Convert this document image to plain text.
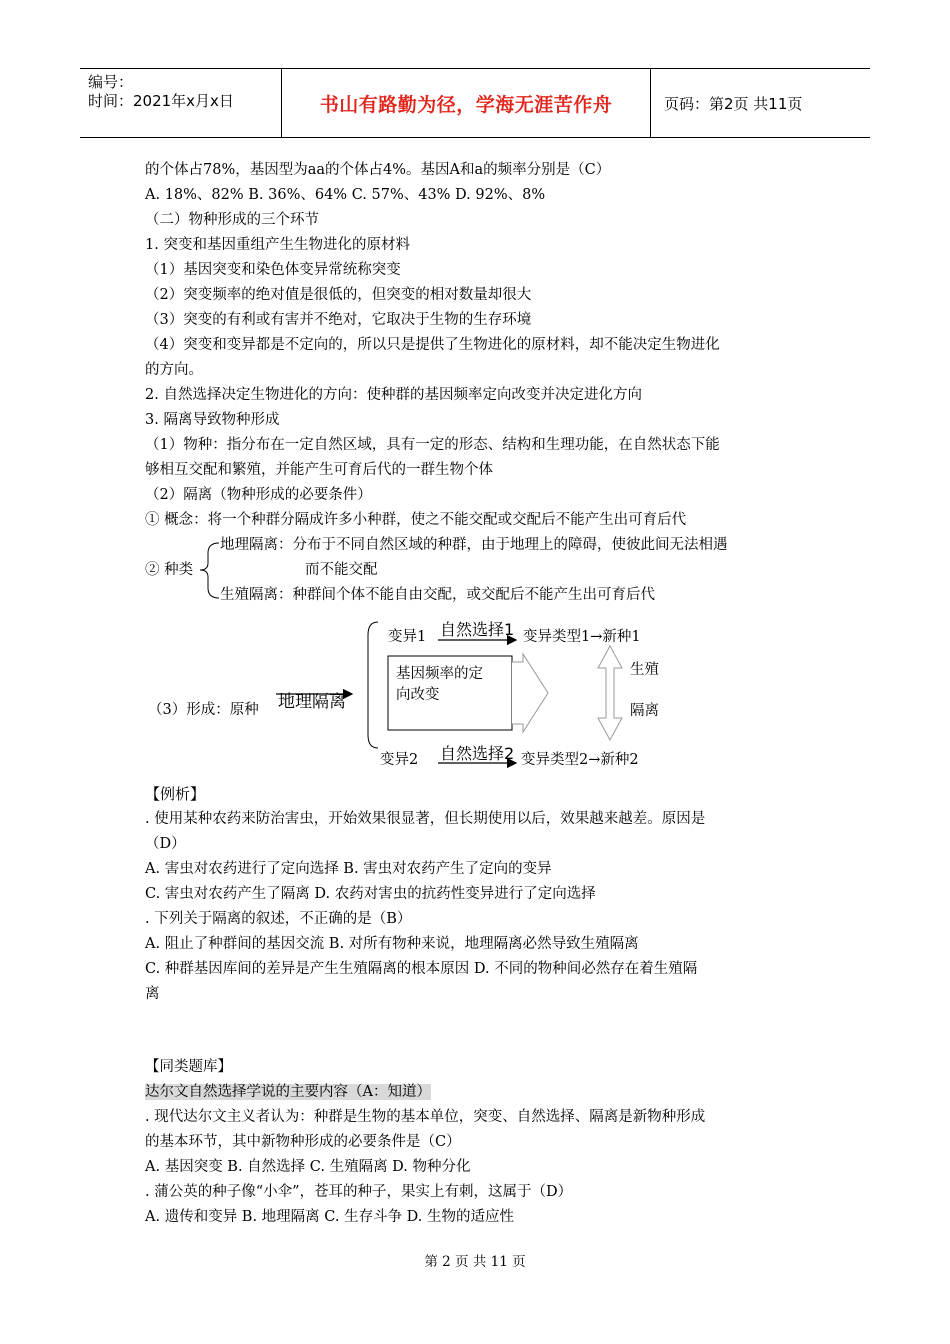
编号：
时间：2021年x月x日	书山有路勤为径，学海无涯苦作舟	页码：第2页 共11页
的个体占78%，基因型为aa的个体占4%。基因A和a的频率分别是（C）
A. 18%、82% B. 36%、64% C. 57%、43% D. 92%、8%
（二）物种形成的三个环节
1. 突变和基因重组产生生物进化的原材料
（1）基因突变和染色体变异常统称突变
（2）突变频率的绝对值是很低的，但突变的相对数量却很大
（3）突变的有利或有害并不绝对，它取决于生物的生存环境
（4）突变和变异都是不定向的，所以只是提供了生物进化的原材料，却不能决定生物进化
的方向。
2. 自然选择决定生物进化的方向：使种群的基因频率定向改变并决定进化方向
3. 隔离导致物种形成
（1）物种：指分布在一定自然区域，具有一定的形态、结构和生理功能，在自然状态下能
够相互交配和繁殖，并能产生可育后代的一群生物个体
（2）隔离（物种形成的必要条件）
① 概念：将一个种群分隔成许多小种群，使之不能交配或交配后不能产生出可育后代
② 种类
地理隔离：分布于不同自然区域的种群，由于地理上的障碍，使彼此间无法相遇
而不能交配
生殖隔离：种群间个体不能自由交配，或交配后不能产生出可育后代
（3）形成：原种 地理隔离
变异1 自然选择1 变异类型1→新种1
基因频率的定
向改变
生殖
隔离
变异2 自然选择2 变异类型2→新种2
【例析】
. 使用某种农药来防治害虫，开始效果很显著，但长期使用以后，效果越来越差。原因是
（D）
A. 害虫对农药进行了定向选择 B. 害虫对农药产生了定向的变异
C. 害虫对农药产生了隔离 D. 农药对害虫的抗药性变异进行了定向选择
. 下列关于隔离的叙述，不正确的是（B）
A. 阻止了种群间的基因交流 B. 对所有物种来说，地理隔离必然导致生殖隔离
C. 种群基因库间的差异是产生生殖隔离的根本原因 D. 不同的物种间必然存在着生殖隔
离
【同类题库】
达尔文自然选择学说的主要内容（A：知道）
. 现代达尔文主义者认为：种群是生物的基本单位，突变、自然选择、隔离是新物种形成
的基本环节，其中新物种形成的必要条件是（C）
A. 基因突变 B. 自然选择 C. 生殖隔离 D. 物种分化
. 蒲公英的种子像“小伞”，苍耳的种子，果实上有刺，这属于（D）
A. 遗传和变异 B. 地理隔离 C. 生存斗争 D. 生物的适应性
第 2 页 共 11 页
